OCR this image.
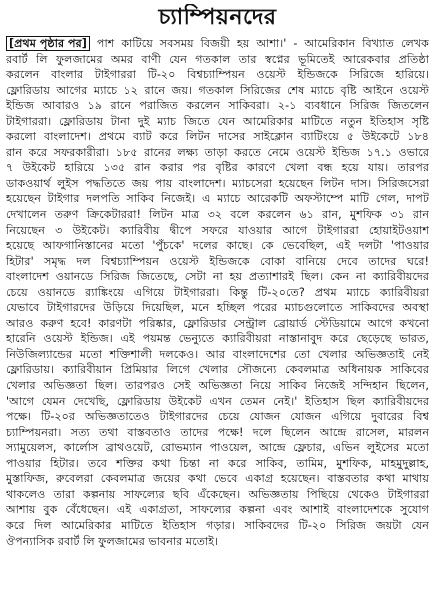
চ্যাম্পিয়নদের
[প্রথম পৃষ্ঠার পর] পাশ কাটিয়ে সবসময় বিজয়ী হয় আশা।' - আমেরিকান বিখ্যাত লেখক
রবার্ট লি ফুলজামের অমর বাণী যেন গতকাল তার স্বপ্নের ভূমিতেই আরেকবার প্রতিষ্ঠা
করলেন বাংলার টাইগাররা টি-২০ বিশ্বচ্যাম্পিয়ন ওয়েস্ট ইন্ডিজকে সিরিজে হারিয়ে।
ফ্লোরিডায় আগের ম্যাচে ১২ রানে জয়। গতকাল সিরিজের শেষ ম্যাচে বৃষ্টি আইনে ওয়েস্ট
ইন্ডিজ আবারও ১৯ রানে পরাজিত করলেন সাকিবরা। ২-১ ব্যবধানে সিরিজ জিতলেন
টাইগাররা। ফ্লোরিডায় টানা দুই ম্যাচ জিতে যেন আমেরিকার মাটিতে নতুন ইতিহাস সৃষ্টি
করলো বাংলাদেশ। প্রথমে ব্যাট করে লিটন দাসের সাইক্লোন ব্যাটিংয়ে ৫ উইকেটে ১৮৪
রান করে সফরকারীরা। ১৮৫ রানের লক্ষ্য তাড়া করতে নেমে ওয়েস্ট ইন্ডিজ ১৭.১ ওভারে
৭ উইকেট হারিয়ে ১৩৫ রান করার পর বৃষ্টির কারণে খেলা বন্ধ হয়ে যায়। তারপর
ডাকওয়ার্থ লুইস পদ্ধতিতে জয় পায় বাংলাদেশ। ম্যাচসেরা হয়েছেন লিটন দাস। সিরিজসেরা
হয়েছেন টাইগার দলপতি সাকিব নিজেই। এ ম্যাচে আরেকটি অফস্টাম্পে মাটি গেল, দাপট
দেখালেন তরুণ ক্রিকেটাররা! লিটন মাত্র ৩২ বলে করলেন ৬১ রান, মুশফিক ৩১ রান
নিয়েছেন ৩ উইকেট। ক্যারিবীয় দ্বীপে সফরে যাওয়ার আগে টাইগাররা হোয়াইটওয়াশ
হয়েছে আফগানিস্তানের মতো 'পুঁচকে' দলের কাছে। কে ভেবেছিল, এই দলটা 'পাওয়ার
হিটার' সমৃদ্ধ দল বিশ্বচ্যাম্পিয়ন ওয়েস্ট ইন্ডিজকে বোকা বানিয়ে দেবে তাদের ঘরে!
বাংলাদেশ ওয়ানডে সিরিজ জিতেছে, সেটা না হয় প্রত্যাশারই ছিল। কেন না ক্যারিবীয়দের
চেয়ে ওয়ানডে র‌্যাঙ্কিংয়ে এগিয়ে টাইগাররা। কিন্তু টি-২০তে? প্রথম ম্যাচে ক্যারিবীয়রা
যেভাবে টাইগারদের উড়িয়ে দিয়েছিল, মনে হচ্ছিল পরের ম্যাচগুলোতে সাকিবদের অবস্থা
আরও করুণ হবে! কারণটা পরিষ্কার, ফ্লোরিডার সেন্ট্রাল ব্রোয়ার্ড স্টেডিয়ামে আগে কখনো
হারেনি ওয়েস্ট ইন্ডিজ। এই পয়মন্ত ভেন্যুতে ক্যারিবীয়রা নাস্তানাবুদ করে ছেড়েছে ভারত,
নিউজিল্যান্ডের মতো শক্তিশালী দলকেও। আর বাংলাদেশের তো খেলার অভিজ্ঞতাই নেই
ফ্লোরিডায়। ক্যারিবীয়ান প্রিমিয়ার লিগে খেলার সৌজন্যে কেবলমাত্র অধিনায়ক সাকিবের
খেলার অভিজ্ঞতা ছিল। তারপরও সেই অভিজ্ঞতা নিয়ে সাকিব নিজেই সন্দিহান ছিলেন,
'আগে যেমন দেখেছি, ফ্লোরিডায় উইকেট এখন তেমন নেই।' ইতিহাস ছিল ক্যারিবীয়দের
পক্ষে। টি-২০র অভিজ্ঞতাতেও টাইগারদের চেয়ে যোজন যোজন এগিয়ে দুবারের বিশ্ব
চ্যাম্পিয়নরা। সত্য তথা বাস্তবতাও তাদের পক্ষে! দলে ছিলেন আন্দ্রে রাসেল, মারলন
স্যামুয়েলস, কার্লোস ব্রাথওয়েট, রোভম্যান পাওয়েল, আন্দ্রে ফ্লেচার, এভিন লুইসের মতো
পাওয়ার হিটার। তবে শক্তির কথা চিন্তা না করে সাকিব, তামিম, মুশফিক, মাহমুদুল্লাহ,
মুস্তাফিজ, রুবেলরা কেবলমাত্র জয়ের কথা ভেবে একাগ্র হয়েছেন। বাস্তবতার কথা মাথায়
থাকলেও তারা কল্পনায় সাফল্যের ছবি এঁকেছেন। অভিজ্ঞতায় পিছিয়ে থেকেও টাইগাররা
আশায় বুক বেঁধেছেন। এই একাগ্রতা, সাফল্যের কল্পনা এবং আশাই বাংলাদেশকে সুযোগ
করে দিল আমেরিকার মাটিতে ইতিহাস গড়ার। সাকিবদের টি-২০ সিরিজ জয়টা যেন
ঔপন্যাসিক রবার্ট লি ফুলজামের ভাবনার মতোই।
